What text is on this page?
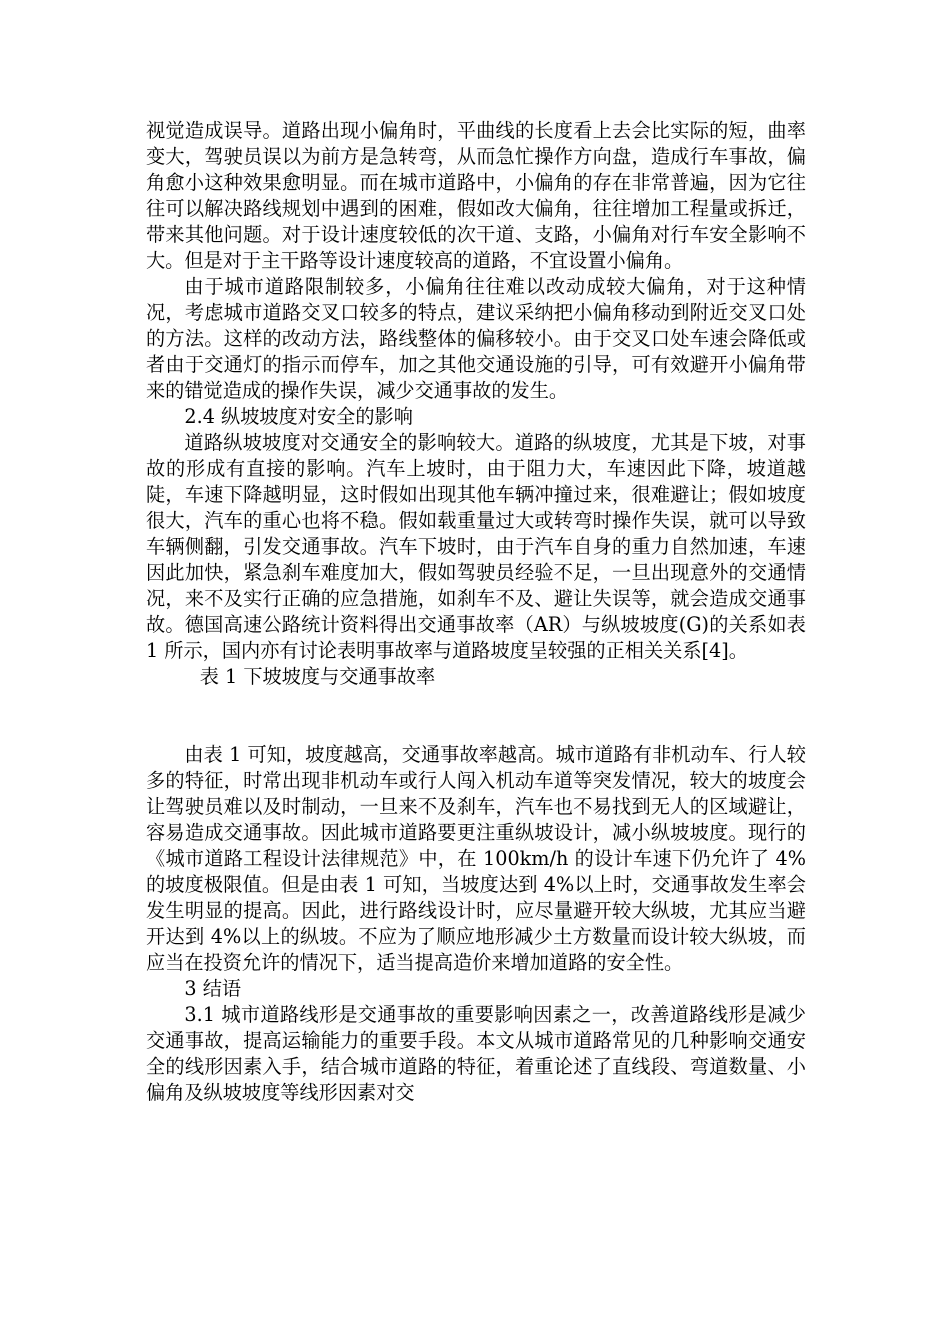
视觉造成误导。道路出现小偏角时，平曲线的长度看上去会比实际的短，曲率变大，驾驶员误以为前方是急转弯，从而急忙操作方向盘，造成行车事故，偏角愈小这种效果愈明显。而在城市道路中，小偏角的存在非常普遍，因为它往往可以解决路线规划中遇到的困难，假如改大偏角，往往增加工程量或拆迁，带来其他问题。对于设计速度较低的次干道、支路，小偏角对行车安全影响不大。但是对于主干路等设计速度较高的道路，不宜设置小偏角。

由于城市道路限制较多，小偏角往往难以改动成较大偏角，对于这种情况，考虑城市道路交叉口较多的特点，建议采纳把小偏角移动到附近交叉口处的方法。这样的改动方法，路线整体的偏移较小。由于交叉口处车速会降低或者由于交通灯的指示而停车，加之其他交通设施的引导，可有效避开小偏角带来的错觉造成的操作失误，减少交通事故的发生。

2.4 纵坡坡度对安全的影响

道路纵坡坡度对交通安全的影响较大。道路的纵坡度，尤其是下坡，对事故的形成有直接的影响。汽车上坡时，由于阻力大，车速因此下降，坡道越陡，车速下降越明显，这时假如出现其他车辆冲撞过来，很难避让；假如坡度很大，汽车的重心也将不稳。假如载重量过大或转弯时操作失误，就可以导致车辆侧翻，引发交通事故。汽车下坡时，由于汽车自身的重力自然加速，车速因此加快，紧急刹车难度加大，假如驾驶员经验不足，一旦出现意外的交通情况，来不及实行正确的应急措施，如刹车不及、避让失误等，就会造成交通事故。德国高速公路统计资料得出交通事故率（AR）与纵坡坡度(G)的关系如表 1 所示，国内亦有讨论表明事故率与道路坡度呈较强的正相关关系[4]。

表 1 下坡坡度与交通事故率

由表 1 可知，坡度越高，交通事故率越高。城市道路有非机动车、行人较多的特征，时常出现非机动车或行人闯入机动车道等突发情况，较大的坡度会让驾驶员难以及时制动，一旦来不及刹车，汽车也不易找到无人的区域避让，容易造成交通事故。因此城市道路要更注重纵坡设计，减小纵坡坡度。现行的《城市道路工程设计法律规范》中，在 100km/h 的设计车速下仍允许了 4%的坡度极限值。但是由表 1 可知，当坡度达到 4%以上时，交通事故发生率会发生明显的提高。因此，进行路线设计时，应尽量避开较大纵坡，尤其应当避开达到 4%以上的纵坡。不应为了顺应地形减少土方数量而设计较大纵坡，而应当在投资允许的情况下，适当提高造价来增加道路的安全性。

3 结语

3.1 城市道路线形是交通事故的重要影响因素之一，改善道路线形是减少交通事故，提高运输能力的重要手段。本文从城市道路常见的几种影响交通安全的线形因素入手，结合城市道路的特征，着重论述了直线段、弯道数量、小偏角及纵坡坡度等线形因素对交
